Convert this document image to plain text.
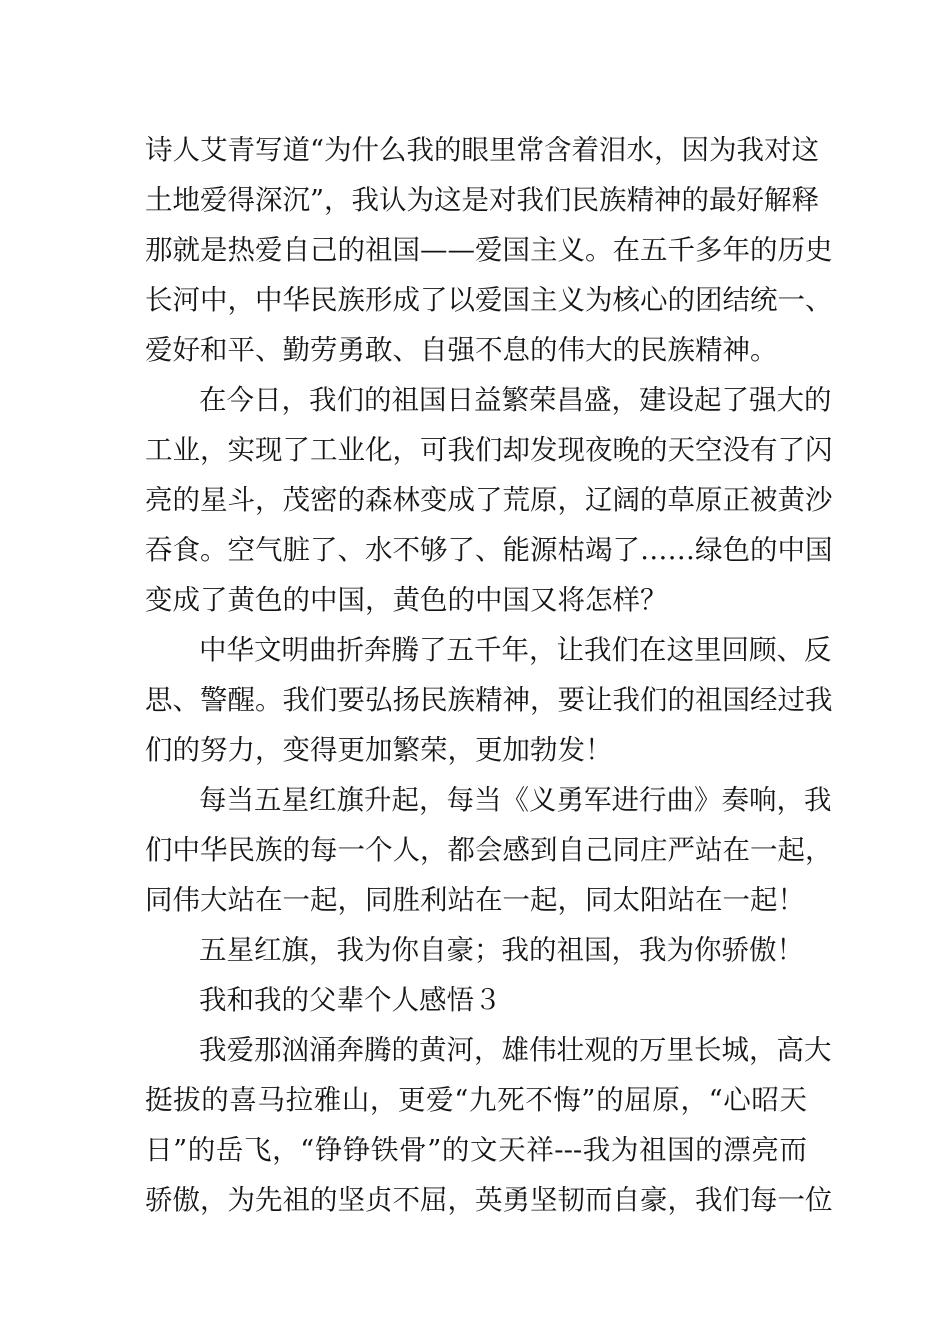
诗人艾青写道“为什么我的眼里常含着泪水，因为我对这

土地爱得深沉”，我认为这是对我们民族精神的最好解释

那就是热爱自己的祖国——爱国主义。在五千多年的历史

长河中，中华民族形成了以爱国主义为核心的团结统一、

爱好和平、勤劳勇敢、自强不息的伟大的民族精神。

在今日，我们的祖国日益繁荣昌盛，建设起了强大的

工业，实现了工业化，可我们却发现夜晚的天空没有了闪

亮的星斗，茂密的森林变成了荒原，辽阔的草原正被黄沙

吞食。空气脏了、水不够了、能源枯竭了……绿色的中国

变成了黄色的中国，黄色的中国又将怎样？

中华文明曲折奔腾了五千年，让我们在这里回顾、反

思、警醒。我们要弘扬民族精神，要让我们的祖国经过我

们的努力，变得更加繁荣，更加勃发！

每当五星红旗升起，每当《义勇军进行曲》奏响，我

们中华民族的每一个人，都会感到自己同庄严站在一起，

同伟大站在一起，同胜利站在一起，同太阳站在一起！

五星红旗，我为你自豪；我的祖国，我为你骄傲！

我和我的父辈个人感悟３

我爱那汹涌奔腾的黄河，雄伟壮观的万里长城，高大

挺拔的喜马拉雅山，更爱“九死不悔”的屈原，“心昭天

日”的岳飞，“铮铮铁骨”的文天祥---我为祖国的漂亮而

骄傲，为先祖的坚贞不屈，英勇坚韧而自豪，我们每一位
